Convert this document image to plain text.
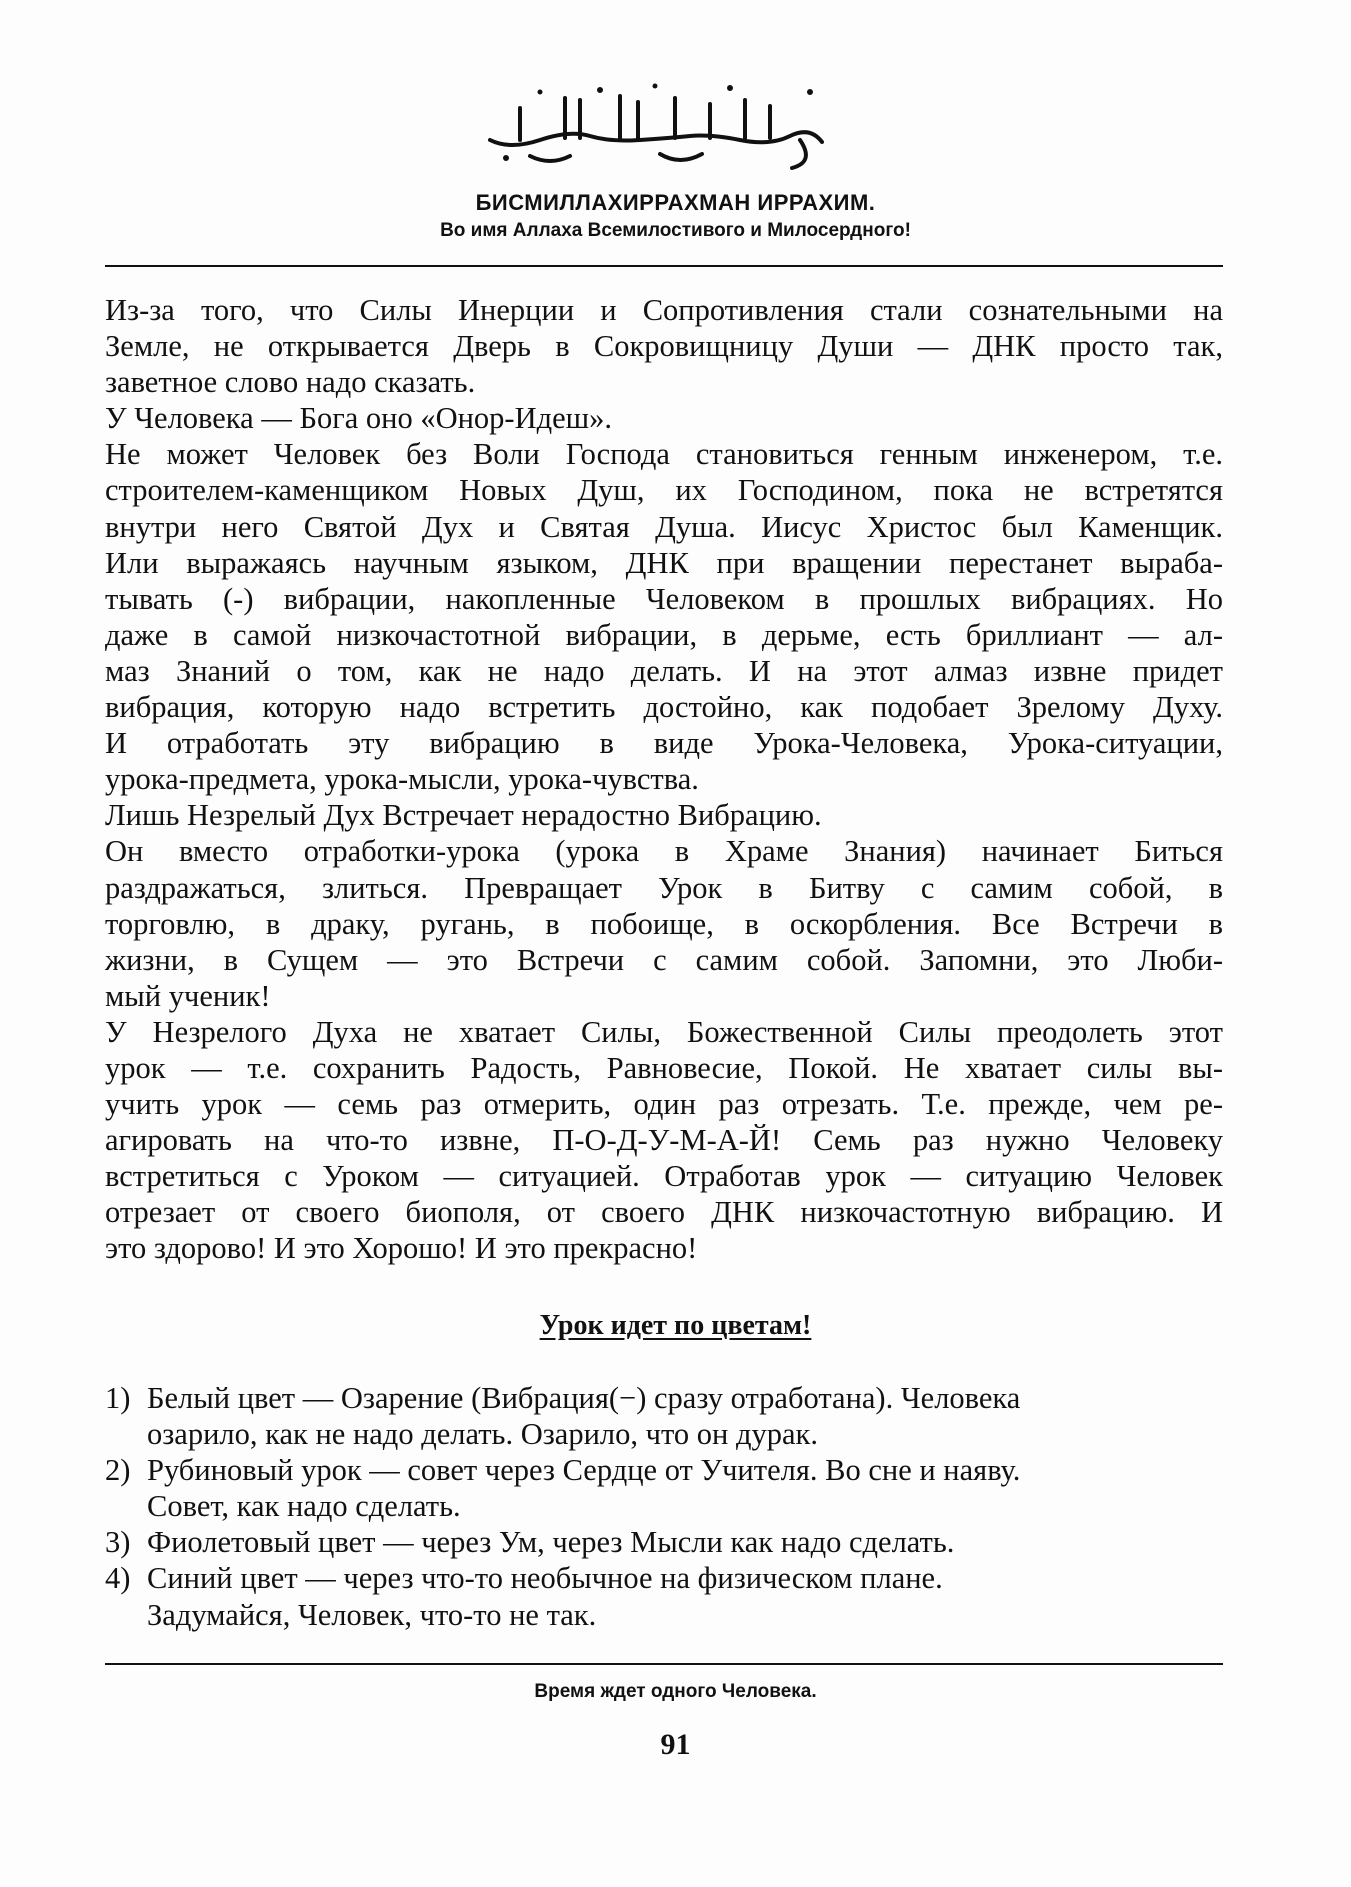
بِسْمِ اللَّهِ الرَّحْمَٰنِ الرَّحِيمِ
БИСМИЛЛАХИРРАХМАН ИРРАХИМ.
Во имя Аллаха Всемилостивого и Милосердного!
Из-за того, что Силы Инерции и Сопротивления стали сознательными на
Земле, не открывается Дверь в Сокровищницу Души — ДНК просто так,
заветное слово надо сказать.
У Человека — Бога оно «Онор-Идеш».
Не может Человек без Воли Господа становиться генным инженером, т.е.
строителем-каменщиком Новых Душ, их Господином, пока не встретятся
внутри него Святой Дух и Святая Душа. Иисус Христос был Каменщик.
Или выражаясь научным языком, ДНК при вращении перестанет выраба-
тывать (-) вибрации, накопленные Человеком в прошлых вибрациях. Но
даже в самой низкочастотной вибрации, в дерьме, есть бриллиант — ал-
маз Знаний о том, как не надо делать. И на этот алмаз извне придет
вибрация, которую надо встретить достойно, как подобает Зрелому Духу.
И отработать эту вибрацию в виде Урока-Человека, Урока-ситуации,
урока-предмета, урока-мысли, урока-чувства.
Лишь Незрелый Дух Встречает нерадостно Вибрацию.
Он вместо отработки-урока (урока в Храме Знания) начинает Биться
раздражаться, злиться. Превращает Урок в Битву с самим собой, в
торговлю, в драку, ругань, в побоище, в оскорбления. Все Встречи в
жизни, в Сущем — это Встречи с самим собой. Запомни, это Люби-
мый ученик!
У Незрелого Духа не хватает Силы, Божественной Силы преодолеть этот
урок — т.е. сохранить Радость, Равновесие, Покой. Не хватает силы вы-
учить урок — семь раз отмерить, один раз отрезать. Т.е. прежде, чем ре-
агировать на что-то извне, П-О-Д-У-М-А-Й! Семь раз нужно Человеку
встретиться с Уроком — ситуацией. Отработав урок — ситуацию Человек
отрезает от своего биополя, от своего ДНК низкочастотную вибрацию. И
это здорово! И это Хорошо! И это прекрасно!
Урок идет по цветам!
1) Белый цвет — Озарение (Вибрация(−) сразу отработана). Человека
озарило, как не надо делать. Озарило, что он дурак.
2) Рубиновый урок — совет через Сердце от Учителя. Во сне и наяву.
Совет, как надо сделать.
3) Фиолетовый цвет — через Ум, через Мысли как надо сделать.
4) Синий цвет — через что-то необычное на физическом плане.
Задумайся, Человек, что-то не так.
Время ждет одного Человека.
91
